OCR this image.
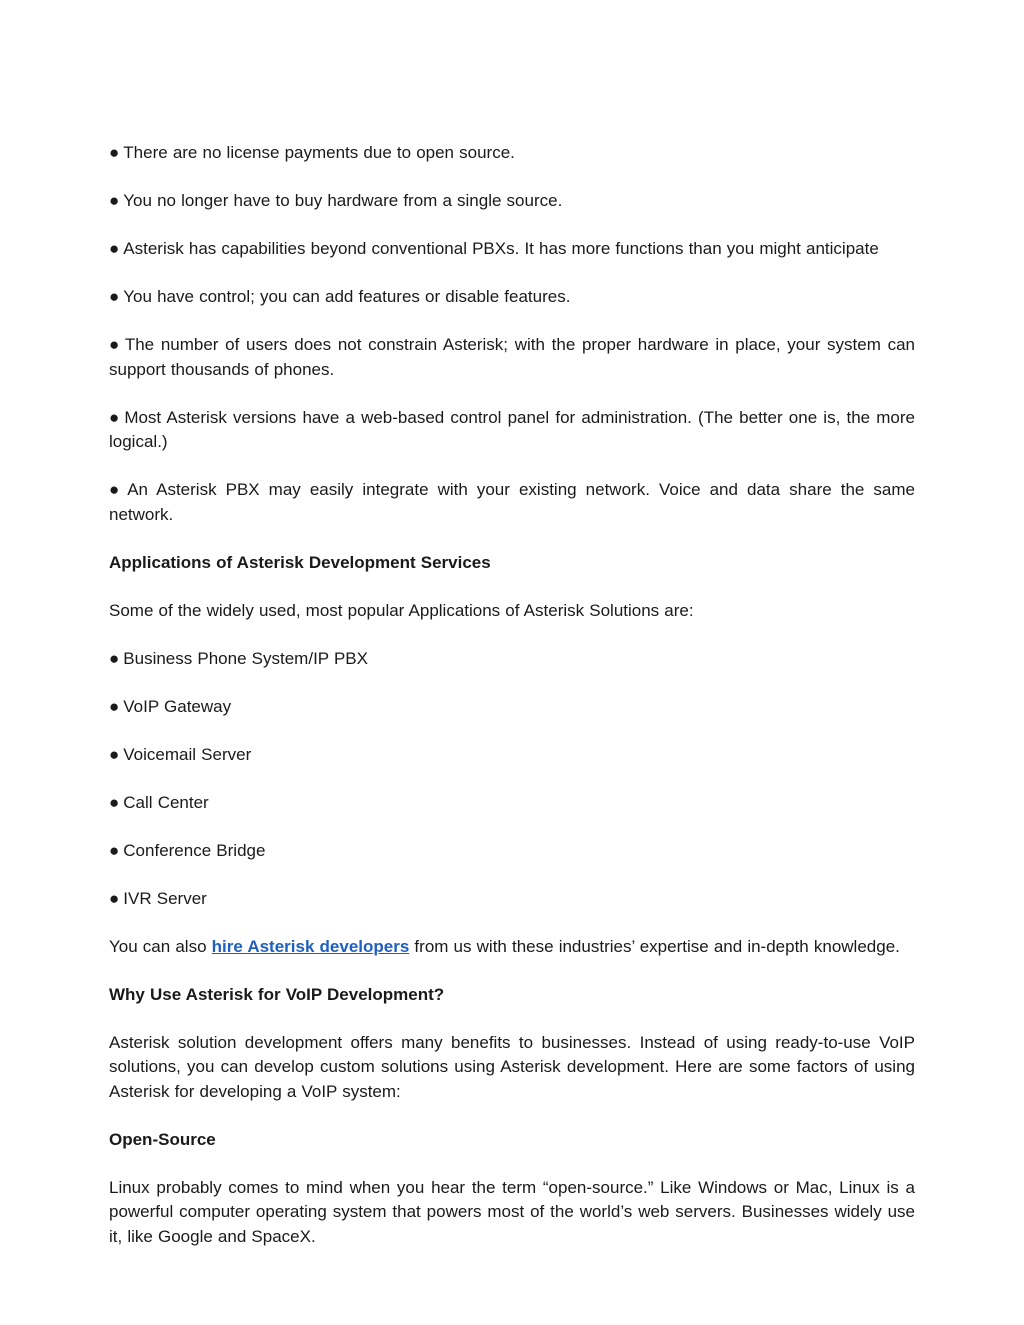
● There are no license payments due to open source.

● You no longer have to buy hardware from a single source.

● Asterisk has capabilities beyond conventional PBXs. It has more functions than you might anticipate

● You have control; you can add features or disable features.

● The number of users does not constrain Asterisk; with the proper hardware in place, your system can support thousands of phones.

● Most Asterisk versions have a web-based control panel for administration. (The better one is, the more logical.)

● An Asterisk PBX may easily integrate with your existing network. Voice and data share the same network.

Applications of Asterisk Development Services

Some of the widely used, most popular Applications of Asterisk Solutions are:

● Business Phone System/IP PBX

● VoIP Gateway

● Voicemail Server

● Call Center

● Conference Bridge

● IVR Server

You can also hire Asterisk developers from us with these industries’ expertise and in-depth knowledge.

Why Use Asterisk for VoIP Development?

Asterisk solution development offers many benefits to businesses. Instead of using ready-to-use VoIP solutions, you can develop custom solutions using Asterisk development. Here are some factors of using Asterisk for developing a VoIP system:

Open-Source

Linux probably comes to mind when you hear the term “open-source.” Like Windows or Mac, Linux is a powerful computer operating system that powers most of the world’s web servers. Businesses widely use it, like Google and SpaceX.
